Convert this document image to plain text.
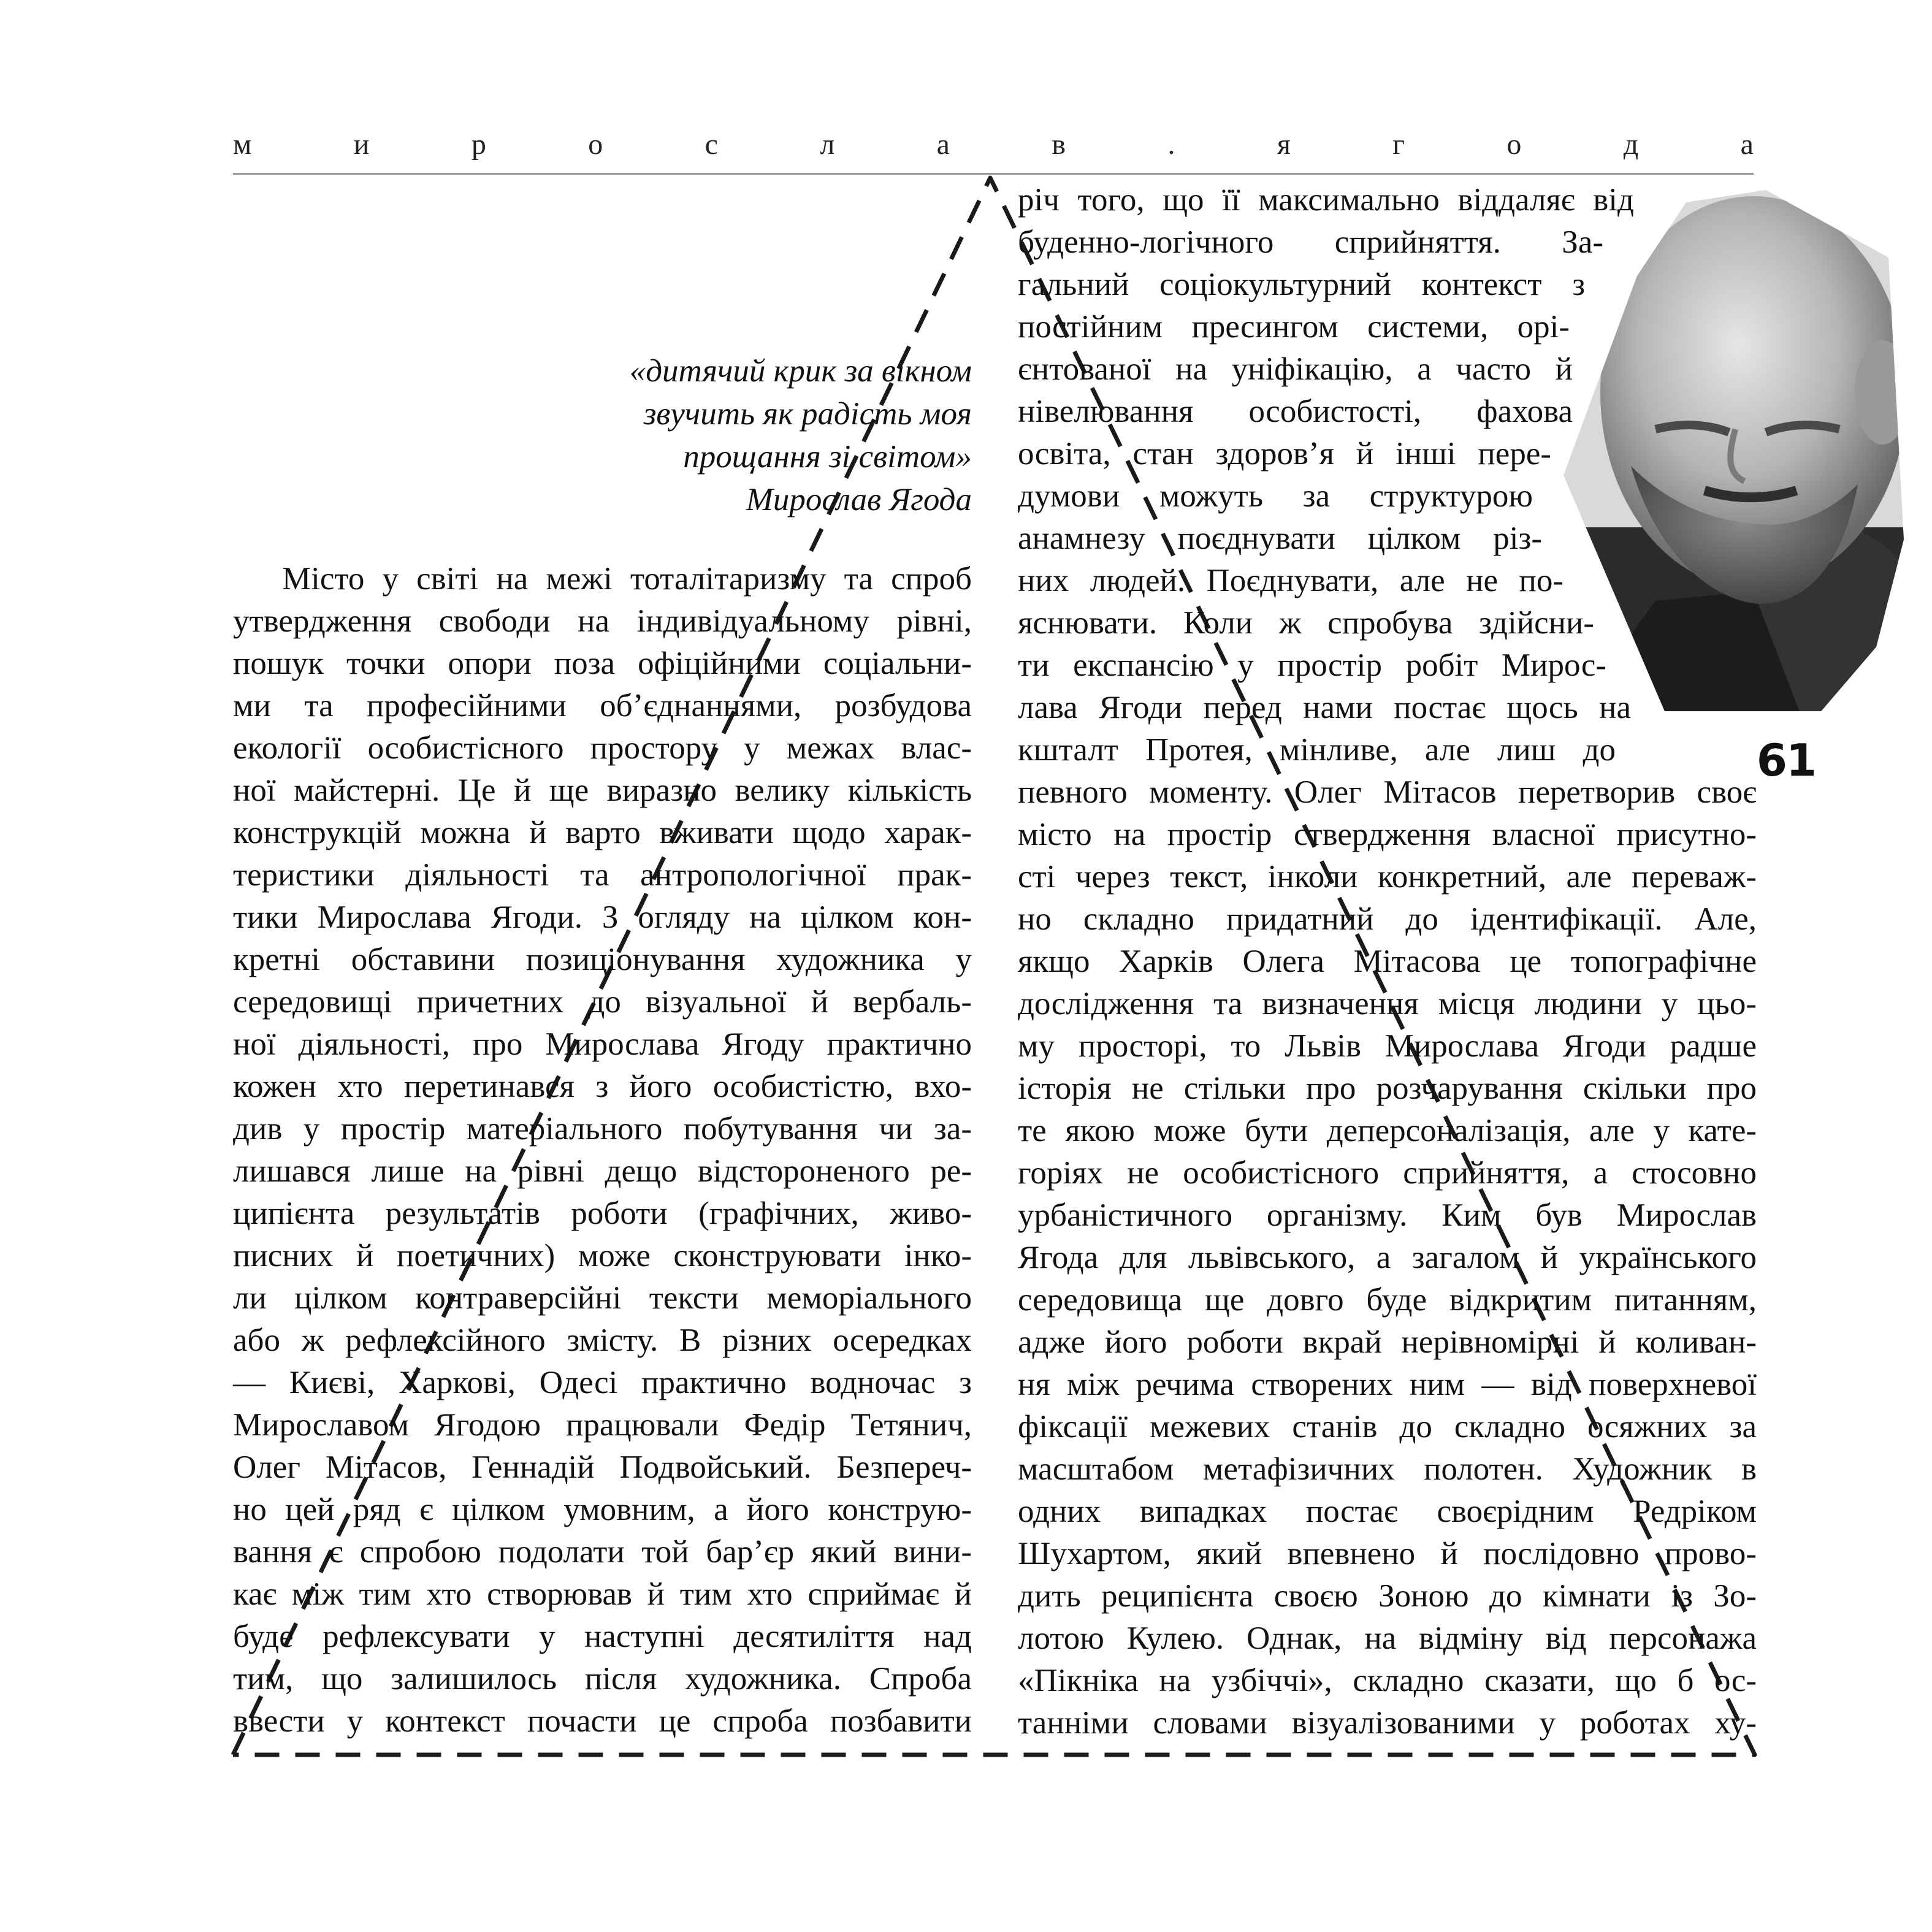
м	и	р	о	с	л	а	в	.	я	г	о	д	а
«дитячий крик за вікном
звучить як радість моя
прощання зі світом»
Мирослав Ягода
Місто у світі на межі тоталітаризму та спроб
утвердження свободи на індивідуальному рівні,
пошук точки опори поза офіційними соціальни-
ми та професійними об’єднаннями, розбудова
екології особистісного простору у межах влас-
ної майстерні. Це й ще виразно велику кількість
конструкцій можна й варто вживати щодо харак-
теристики діяльності та антропологічної прак-
тики Мирослава Ягоди. З огляду на цілком кон-
кретні обставини позиціонування художника у
середовищі причетних до візуальної й вербаль-
ної діяльності, про Мирослава Ягоду практично
кожен хто перетинався з його особистістю, вхо-
див у простір матеріального побутування чи за-
лишався лише на рівні дещо відстороненого ре-
ципієнта результатів роботи (графічних, живо-
писних й поетичних) може сконструювати інко-
ли цілком контраверсійні тексти меморіального
або ж рефлексійного змісту. В різних осередках
— Києві, Харкові, Одесі практично водночас з
Мирославом Ягодою працювали Федір Тетянич,
Олег Мітасов, Геннадій Подвойський. Безпереч-
но цей ряд є цілком умовним, а його конструю-
вання є спробою подолати той бар’єр який вини-
кає між тим хто створював й тим хто сприймає й
буде рефлексувати у наступні десятиліття над
тим, що залишилось після художника. Спроба
ввести у контекст почасти це спроба позбавити
річ того, що її максимально віддаляє від
буденно-логічного сприйняття. За-
гальний соціокультурний контекст з
постійним пресингом системи, орі-
єнтованої на уніфікацію, а часто й
нівелювання особистості, фахова
освіта, стан здоров’я й інші пере-
думови можуть за структурою
анамнезу поєднувати цілком різ-
них людей. Поєднувати, але не по-
яснювати. Коли ж спробува здійсни-
ти експансію у простір робіт Мирос-
лава Ягоди перед нами постає щось на
кшталт Протея, мінливе, але лиш до
певного моменту. Олег Мітасов перетворив своє
місто на простір ствердження власної присутно-
сті через текст, інколи конкретний, але переваж-
но складно придатний до ідентифікації. Але,
якщо Харків Олега Мітасова це топографічне
дослідження та визначення місця людини у цьо-
му просторі, то Львів Мирослава Ягоди радше
історія не стільки про розчарування скільки про
те якою може бути деперсоналізація, але у кате-
горіях не особистісного сприйняття, а стосовно
урбаністичного організму. Ким був Мирослав
Ягода для львівського, а загалом й українського
середовища ще довго буде відкритим питанням,
адже його роботи вкрай нерівномірні й коливан-
ня між речима створених ним — від поверхневої
фіксації межевих станів до складно осяжних за
масштабом метафізичних полотен. Художник в
одних випадках постає своєрідним Редріком
Шухартом, який впевнено й послідовно прово-
дить реципієнта своєю Зоною до кімнати із Зо-
лотою Кулею. Однак, на відміну від персонажа
«Пікніка на узбіччі», складно сказати, що б ос-
танніми словами візуалізованими у роботах ху-
61
